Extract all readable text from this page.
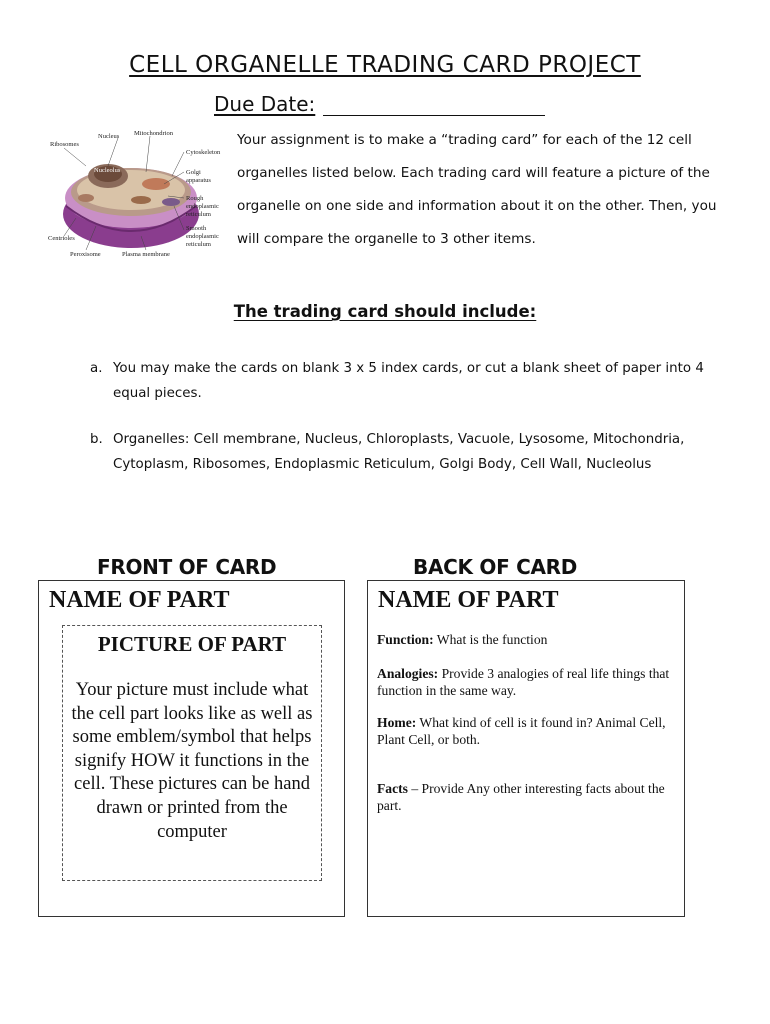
CELL ORGANELLE TRADING CARD PROJECT
Due Date:
Ribosomes
Nucleus Mitochondrion
Cytoskeleton
Nucleolus	Golgi
apparatus
Rough
endoplasmic
reticulum
Smooth
endoplasmic
reticulum
Centrioles
Peroxisome	Plasma membrane
Your assignment is to make a “trading card” for each of the 12 cell organelles listed below. Each trading card will feature a picture of the organelle on one side and information about it on the other. Then, you will compare the organelle to 3 other items.
The trading card should include:
a. You may make the cards on blank 3 x 5 index cards, or cut a blank sheet of paper into 4 equal pieces.
b. Organelles: Cell membrane, Nucleus, Chloroplasts, Vacuole, Lysosome, Mitochondria, Cytoplasm, Ribosomes, Endoplasmic Reticulum, Golgi Body, Cell Wall, Nucleolus
FRONT OF CARD	BACK OF CARD
NAME OF PART
PICTURE OF PART
Your picture must include what the cell part looks like as well as some emblem/symbol that helps signify HOW it functions in the cell. These pictures can be hand drawn or printed from the computer
NAME OF PART
Function: What is the function
Analogies: Provide 3 analogies of real life things that function in the same way.
Home: What kind of cell is it found in? Animal Cell, Plant Cell, or both.
Facts – Provide Any other interesting facts about the part.
